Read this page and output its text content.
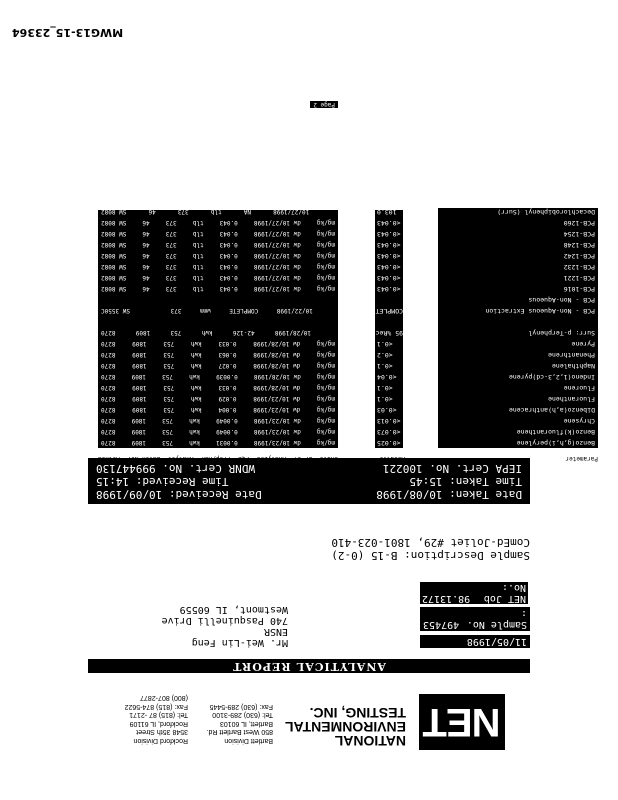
NET
NATIONAL
ENVIRONMENTAL
TESTING, INC.
Bartlett Division
850 West Bartlett Rd.
Bartlett, IL 60103
Tel: (630) 289-3100
Fax: (630) 289-5445
Rockford Division
3548 35th Street
Rockford, IL 61109
Tel: (815) 87 -2171
Fax: (815) 874-5622
(800) 807-2877
ANALYTICAL REPORT
Mr. Wei-Lin Feng
ENSR
740 Pasquinelli Drive
Westmont, IL 60559
11/05/1998
Sample No. :
497453
NET Job No.:
98.13172
Sample Description: B-15 (0-2)
ComEd-Joliet #29, 1801-023-410
Date Taken: 10/08/1998
Date Received: 10/09/1998
Time Taken: 15:45
Time Received: 14:15
IEPA Cert. No. 100221
WDNR Cert. No. 999447130
Parameter
Results
Units
DF of
Analyzed
PQL
Prep/Run
Analyst
Batch No.
Method
Benzo(g,h,i)perylene
Benzo(k)fluoranthene
Chrysene
Dibenzo(a,h)anthracene
Fluoranthene
Fluorene
Indeno(1,2,3-cd)pyrene
Naphthalene
Phenanthrene
Pyrene
Surr: p-Terphenyl

PCB - Non-Aqueous Extraction
PCB - Non-Aqueous
PCB-1016
PCB-1221
PCB-1232
PCB-1242
PCB-1248
PCB-1254
PCB-1260
Decachlorobiphenyl (Surr)
2,4,5,6-TCMX (Surr)
<0.025
<0.073
<0.013
<0.03
<0.1
<0.1
<0.04
<0.1
<0.2
<0.1
95 %Rec

COMPLETE

<0.043
<0.043
<0.043
<0.043
<0.043
<0.043
<0.043
103.0
92.0
mg/kg
dw 10/23/1998
0.0031
kwh
753
1809
8270
mg/kg
dw 10/23/1998
0.0049
kwh
753
1809
8270
mg/kg
dw 10/23/1998
0.0049
kwh
753
1809
8270
mg/kg
dw 10/23/1998
0.004
kwh
753
1809
8270
mg/kg
dw 10/23/1998
0.029
kwh
753
1809
8270
mg/kg
dw 10/28/1998
0.033
kwh
753
1809
8270
mg/kg
dw 10/28/1998
0.0039
kwh
753
1809
8270
mg/kg
dw 10/28/1998
0.027
kwh
753
1809
8270
mg/kg
dw 10/28/1998
0.063
kwh
753
1809
8270
mg/kg
dw 10/28/1998
0.033
kwh
753
1809
8270

10/28/1998
42-126
kwh
753
1809
8270

10/22/1998
COMPLETE
wmm
373

SW 3550C

mg/kg
dw 10/27/1998
0.043
tlb
373
46
SW 8082
mg/kg
dw 10/27/1998
0.043
tlb
373
46
SW 8082
mg/kg
dw 10/27/1998
0.043
tlb
373
46
SW 8082
mg/kg
dw 10/27/1998
0.043
tlb
373
46
SW 8082
mg/kg
dw 10/27/1998
0.043
tlb
373
46
SW 8082
mg/kg
dw 10/27/1998
0.043
tlb
373
46
SW 8082
mg/kg
dw 10/27/1998
0.043
tlb
373
46
SW 8082

10/27/1998
NA
tlb
373
46
SW 8082

10/27/1998
NA
tlb
373
46
SW 8082
Page 2
MWG13-15_23364
